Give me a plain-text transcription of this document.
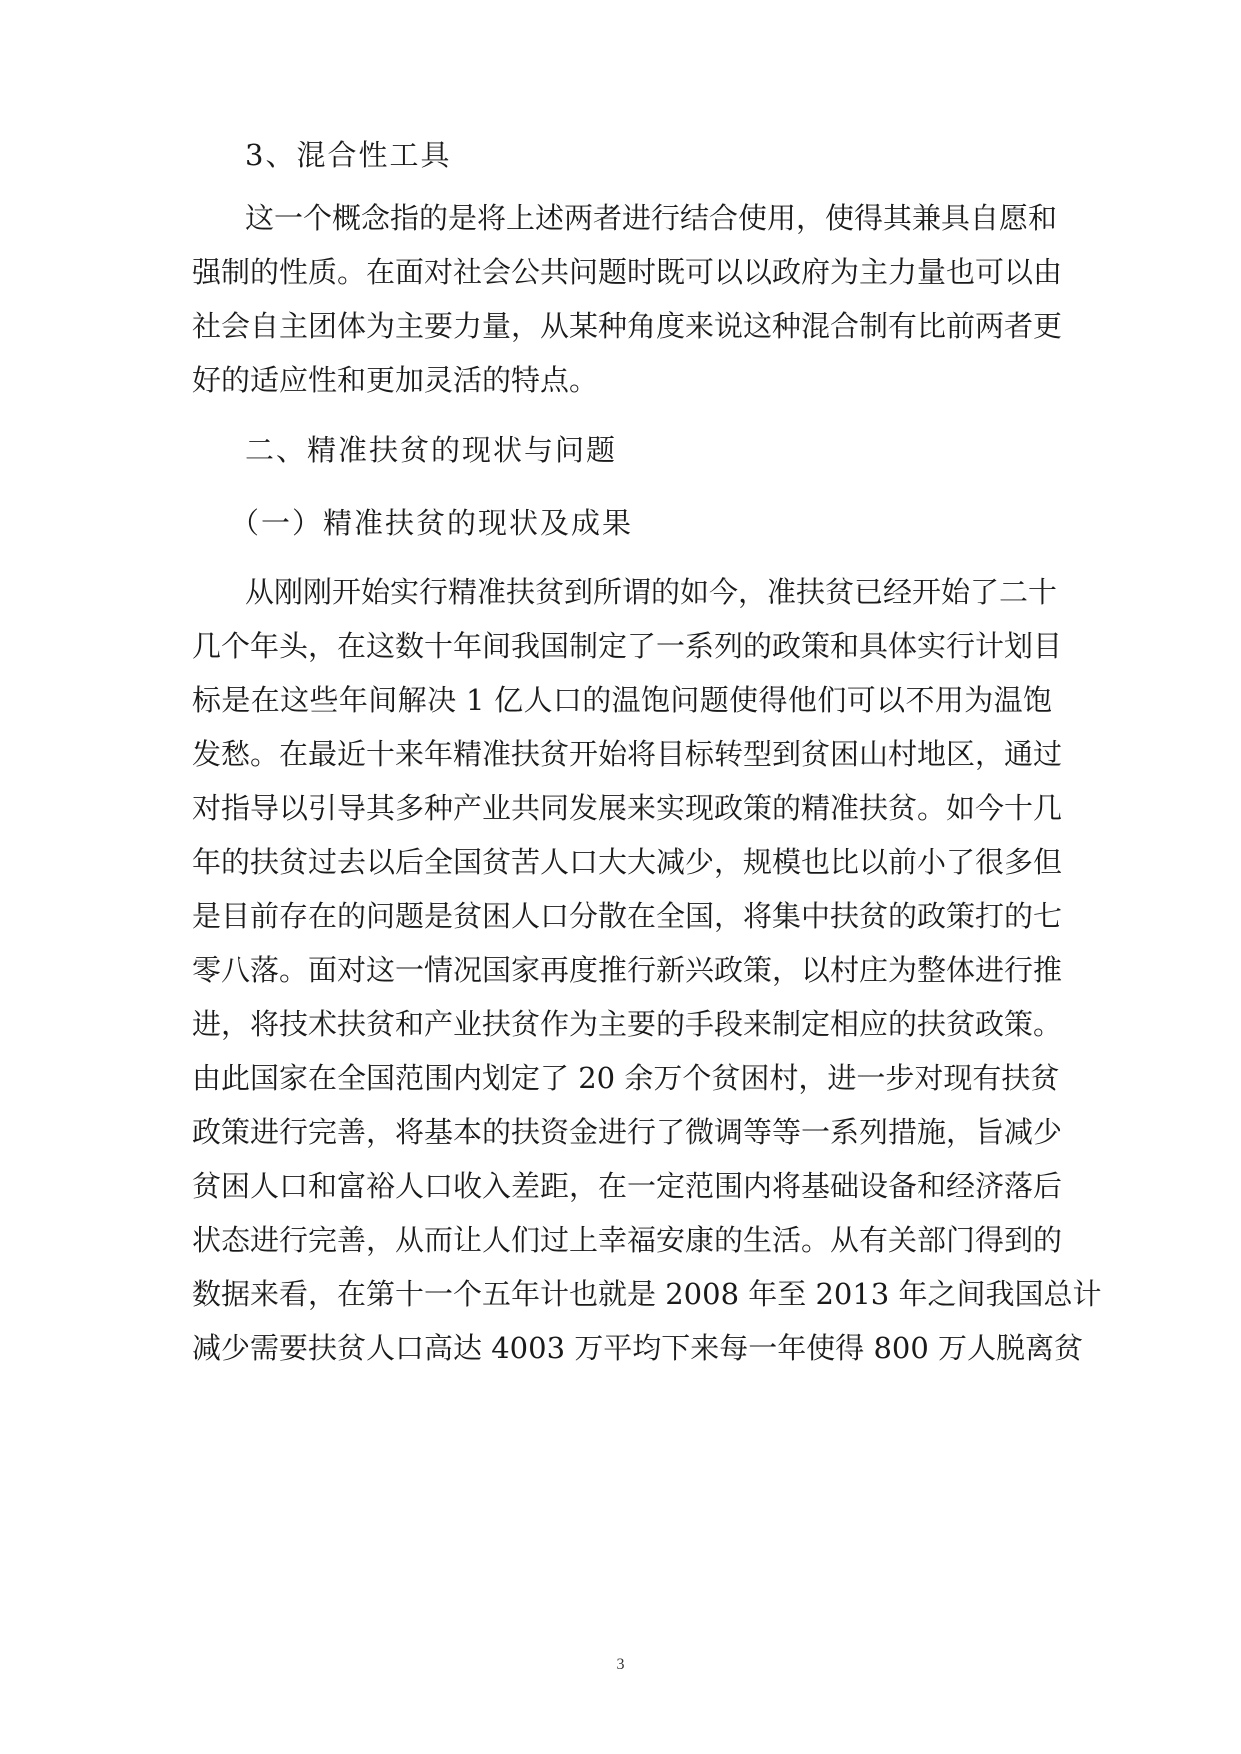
3、混合性工具
这一个概念指的是将上述两者进行结合使用，使得其兼具自愿和
强制的性质。在面对社会公共问题时既可以以政府为主力量也可以由
社会自主团体为主要力量，从某种角度来说这种混合制有比前两者更
好的适应性和更加灵活的特点。
二、精准扶贫的现状与问题
（一）精准扶贫的现状及成果
从刚刚开始实行精准扶贫到所谓的如今，准扶贫已经开始了二十
几个年头，在这数十年间我国制定了一系列的政策和具体实行计划目
标是在这些年间解决 1 亿人口的温饱问题使得他们可以不用为温饱
发愁。在最近十来年精准扶贫开始将目标转型到贫困山村地区，通过
对指导以引导其多种产业共同发展来实现政策的精准扶贫。如今十几
年的扶贫过去以后全国贫苦人口大大减少，规模也比以前小了很多但
是目前存在的问题是贫困人口分散在全国，将集中扶贫的政策打的七
零八落。面对这一情况国家再度推行新兴政策，以村庄为整体进行推
进，将技术扶贫和产业扶贫作为主要的手段来制定相应的扶贫政策。
由此国家在全国范围内划定了 20 余万个贫困村，进一步对现有扶贫
政策进行完善，将基本的扶资金进行了微调等等一系列措施，旨减少
贫困人口和富裕人口收入差距，在一定范围内将基础设备和经济落后
状态进行完善，从而让人们过上幸福安康的生活。从有关部门得到的
数据来看，在第十一个五年计也就是 2008 年至 2013 年之间我国总计
减少需要扶贫人口高达 4003 万平均下来每一年使得 800 万人脱离贫
3
